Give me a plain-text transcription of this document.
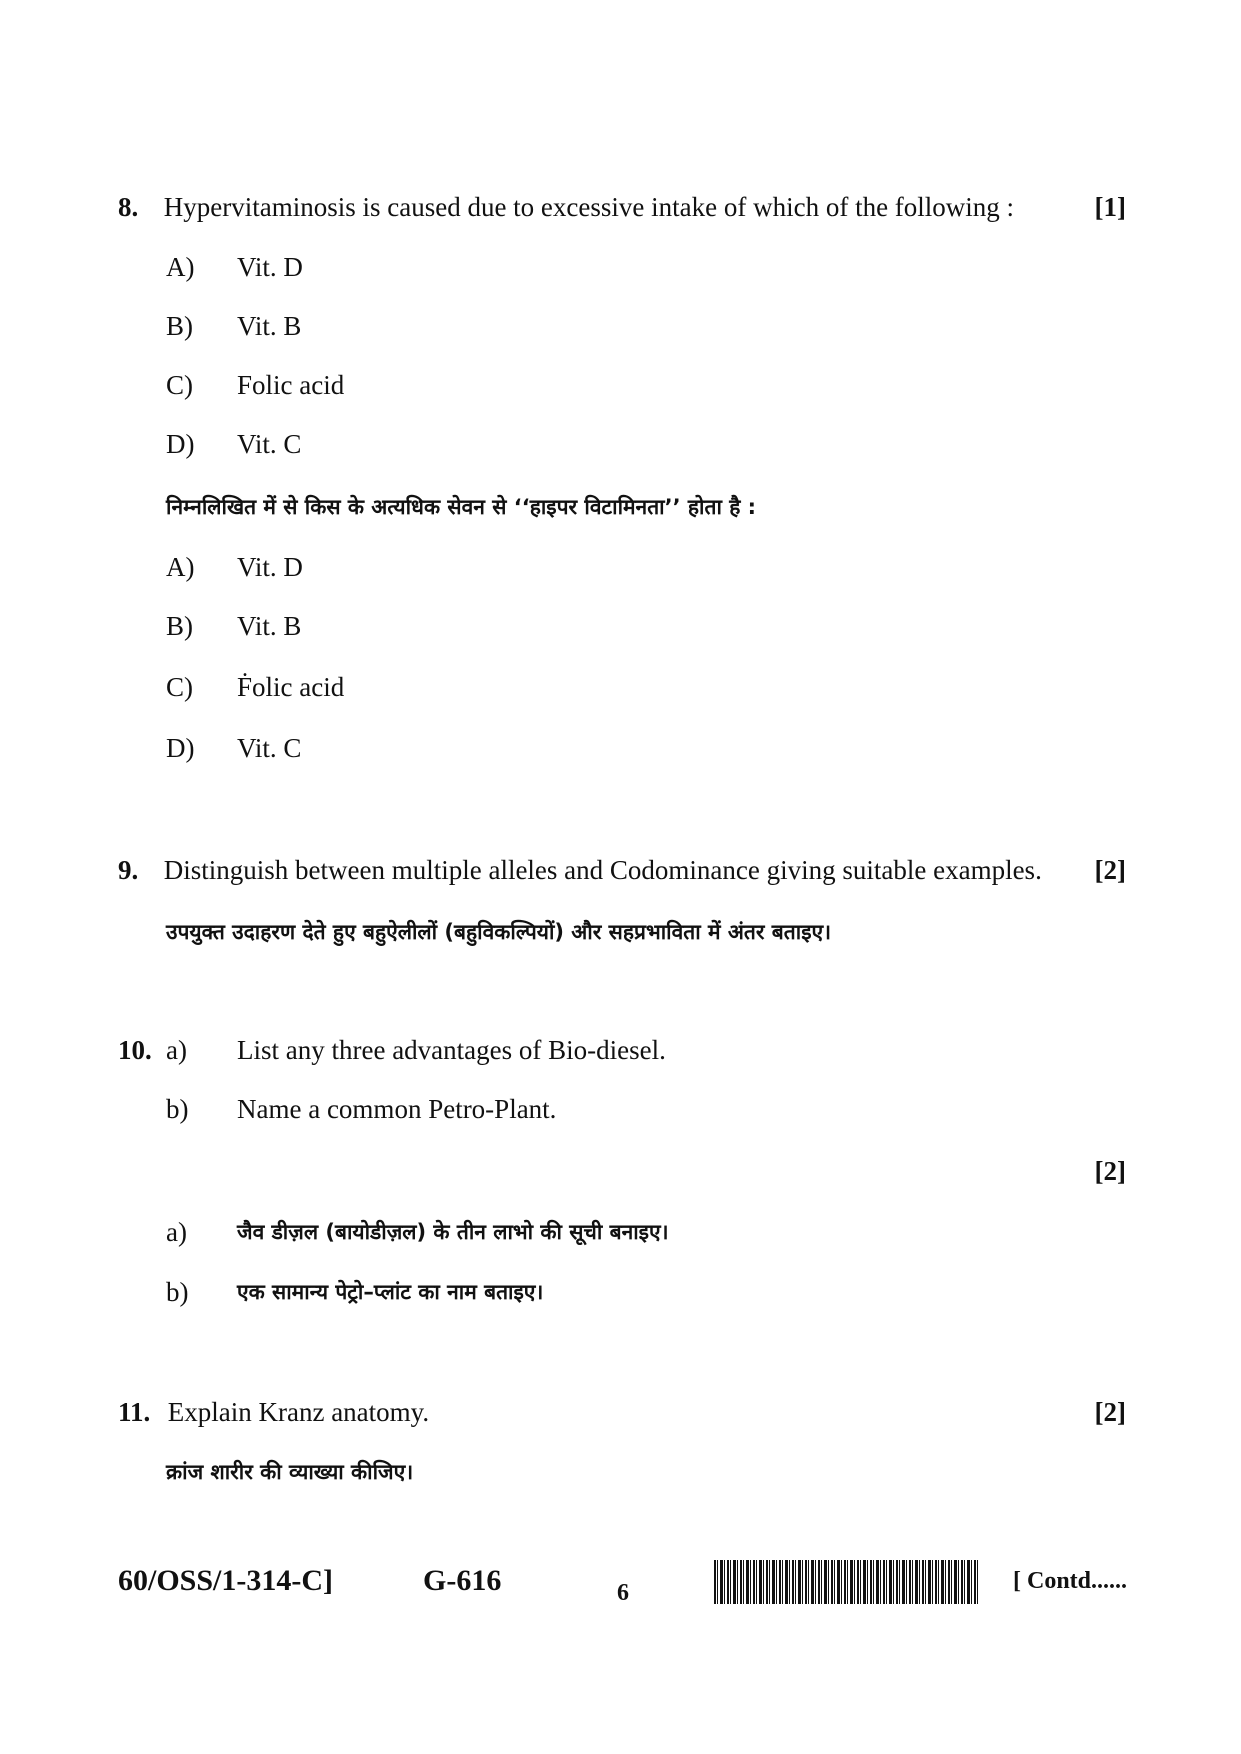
8. Hypervitaminosis is caused due to excessive intake of which of the following :	[1]
A) Vit. D
B) Vit. B
C) Folic acid
D) Vit. C
निम्नलिखित में से किस के अत्यधिक सेवन से ‘‘हाइपर विटामिनता’’ होता है :
A) Vit. D
B) Vit. B
C) Ḟolic acid
D) Vit. C
9. Distinguish between multiple alleles and Codominance giving suitable examples. [2]
उपयुक्त उदाहरण देते हुए बहुऐलीलों (बहुविकल्पियों) और सहप्रभाविता में अंतर बताइए।
10. a) List any three advantages of Bio-diesel.
b) Name a common Petro-Plant.
[2]
a) जैव डीज़ल (बायोडीज़ल) के तीन लाभो की सूची बनाइए।
b) एक सामान्य पेट्रो–प्लांट का नाम बताइए।
11. Explain Kranz anatomy.	[2]
क्रांज शारीर की व्याख्या कीजिए।
60/OSS/1-314-C]	G-616	6	[ Contd......
